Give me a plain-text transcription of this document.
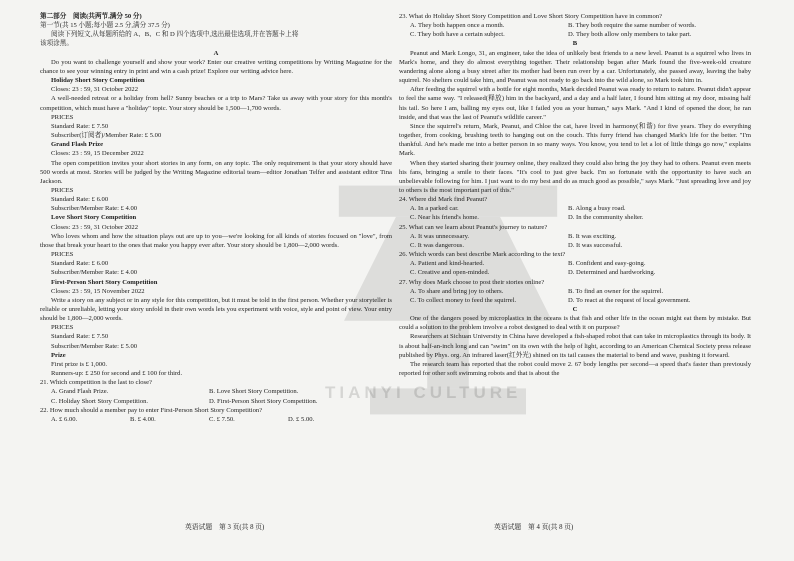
TIANYI CULTURE
第二部分　阅读(共两节,满分 50 分)
第一节(共 15 小题;每小题 2.5 分,满分 37.5 分)
阅读下列短文,从每题所给的 A、B、C 和 D 四个选项中,选出最佳选项,并在答题卡上将
该项涂黑。
A

Do you want to challenge yourself and show your work? Enter our creative writing competitions by Writing Magazine for the chance to see your winning entry in print and win a cash prize! Explore our writing advice here.

Holiday Short Story Competition
Closes: 23 : 59, 31 October 2022

A well-needed retreat or a holiday from hell? Sunny beaches or a trip to Mars? Take us away with your story for this month's competition, which must have a "holiday" topic. Your story should be 1,500—1,700 words.

PRICES
Standard Rate: £ 7.50
Subscriber(订阅者)/Member Rate: £ 5.00
Grand Flash Prize
Closes: 23 : 59, 15 December 2022

The open competition invites your short stories in any form, on any topic. The only requirement is that your story should have 500 words at most. Stories will be judged by the Writing Magazine editorial team—editor Jonathan Telfer and assistant editor Tina Jackson.

PRICES
Standard Rate: £ 6.00
Subscriber/Member Rate: £ 4.00
Love Short Story Competition
Closes: 23 : 59, 31 October 2022

Who loves whom and how the situation plays out are up to you—we're looking for all kinds of stories focused on "love", from those that break your heart to the ones that make you happy ever after. Your story should be 1,800—2,000 words.

PRICES
Standard Rate: £ 6.00
Subscriber/Member Rate: £ 4.00
First-Person Short Story Competition
Closes: 23 : 59, 15 November 2022

Write a story on any subject or in any style for this competition, but it must be told in the first person. Whether your storyteller is reliable or unreliable, letting your story unfold in their own words lets you experiment with voice, style and point of view. Your entry should be 1,800—2,000 words.

PRICES
Standard Rate: £ 7.50
Subscriber/Member Rate: £ 5.00
Prize
First prize is £ 1,000.
Runners-up: £ 250 for second and £ 100 for third.
21. Which competition is the last to close?
A. Grand Flash Prize.	B. Love Short Story Competition.
C. Holiday Short Story Competition.	D. First-Person Short Story Competition.
22. How much should a member pay to enter First-Person Short Story Competition?
A. £ 6.00.	B. £ 4.00.	C. £ 7.50.	D. £ 5.00.
23. What do Holiday Short Story Competition and Love Short Story Competition have in common?
A. They both happen once a month.	B. They both require the same number of words.
C. They both have a certain subject.	D. They both allow only members to take part.
B

Peanut and Mark Longo, 31, an engineer, take the idea of unlikely best friends to a new level. Peanut is a squirrel who lives in Mark's home, and they do almost everything together. Their relationship began after Mark found the five-week-old creature wandering alone along a busy street after its mother had been run over by a car. Unfortunately, she passed away, leaving the baby squirrel. No shelters could take him, and Peanut was not ready to go back into the wild alone, so Mark took him in.

After feeding the squirrel with a bottle for eight months, Mark decided Peanut was ready to return to nature. Peanut didn't appear to feel the same way. "I released(释放) him in the backyard, and a day and a half later, I found him sitting at my door, missing half his tail. So here I am, balling my eyes out, like I failed you as your human," says Mark. "And I kind of opened the door, he ran inside, and that was the last of Peanut's wildlife career."

Since the squirrel's return, Mark, Peanut, and Chloe the cat, have lived in harmony(和谐) for five years. They do everything together, from cooking, brushing teeth to hanging out on the couch. This furry friend has changed Mark's life for the better. "I'm thankful. And he's made me into a better person in so many ways. You know, you tend to let a lot of little things go now," explains Mark.

When they started sharing their journey online, they realized they could also bring the joy they had to others. Peanut even meets his fans, bringing a smile to their faces. "It's cool to just give back. I'm so fortunate with the opportunity to have such an unbelievable following for him. I just want to do my best and do as much good as possible," says Mark. "Just spreading love and joy to others is the most important part of this."

24. Where did Mark find Peanut?
A. In a parked car.	B. Along a busy road.
C. Near his friend's home.	D. In the community shelter.
25. What can we learn about Peanut's journey to nature?
A. It was unnecessary.	B. It was exciting.
C. It was dangerous.	D. It was successful.
26. Which words can best describe Mark according to the text?
A. Patient and kind-hearted.	B. Confident and easy-going.
C. Creative and open-minded.	D. Determined and hardworking.
27. Why does Mark choose to post their stories online?
A. To share and bring joy to others.	B. To find an owner for the squirrel.
C. To collect money to feed the squirrel.	D. To react at the request of local government.
C

One of the dangers posed by microplastics in the oceans is that fish and other life in the ocean might eat them by mistake. But could a solution to the problem involve a robot designed to deal with it on purpose?

Researchers at Sichuan University in China have developed a fish-shaped robot that can take in microplastics through its body. It is about half-an-inch long and can "swim" on its own with the help of light, according to an American Chemical Society press release published by Phys. org. An infrared laser(红外光) shined on its tail causes the material to bend and wave, pushing it forward.

The research team has reported that the robot could move 2. 67 body lengths per second—a speed that's faster than previously reported for other soft swimming robots and that is about the

英语试题　第 3 页(共 8 页)	英语试题　第 4 页(共 8 页)
